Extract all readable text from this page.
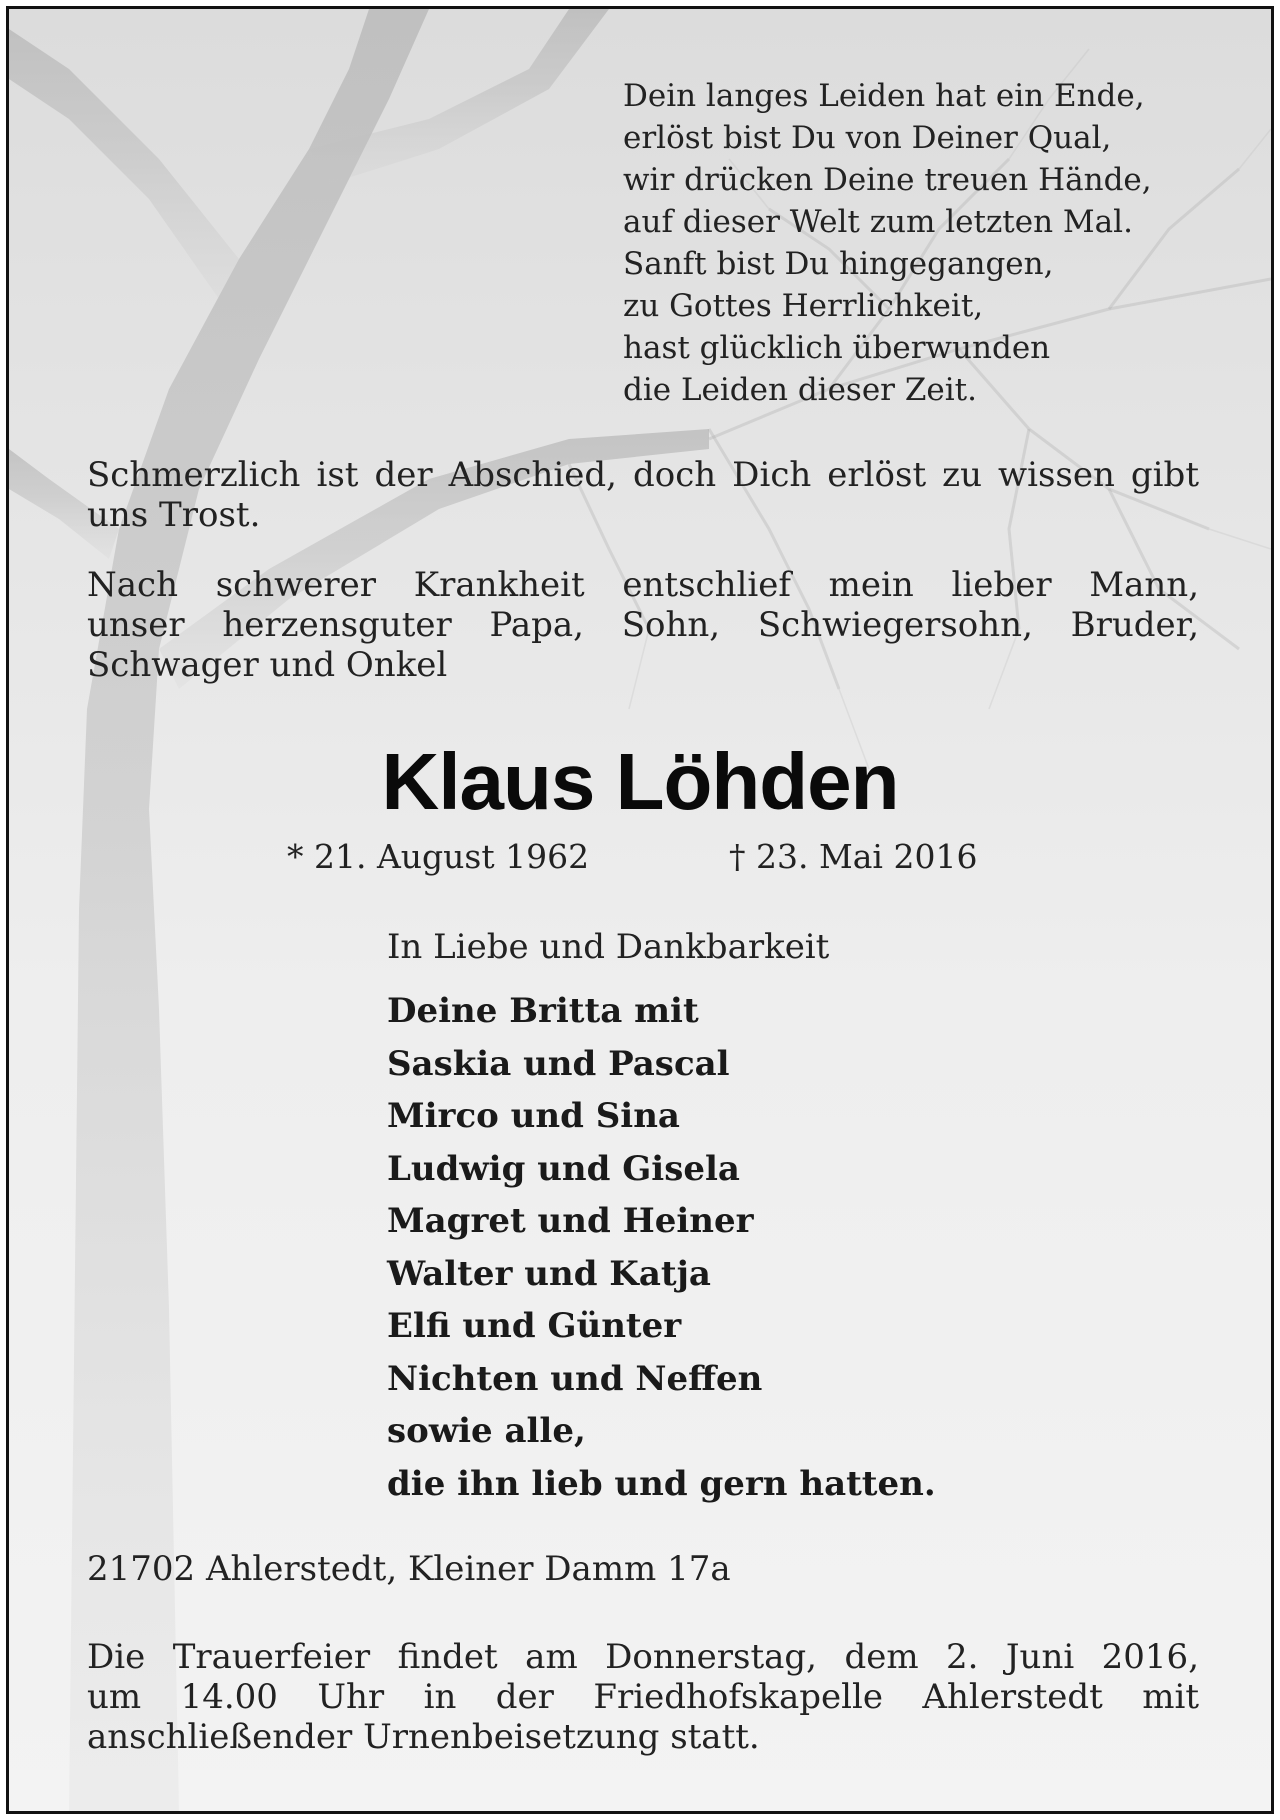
Dein langes Leiden hat ein Ende,
erlöst bist Du von Deiner Qual,
wir drücken Deine treuen Hände,
auf dieser Welt zum letzten Mal.
Sanft bist Du hingegangen,
zu Gottes Herrlichkeit,
hast glücklich überwunden
die Leiden dieser Zeit.
Schmerzlich ist der Abschied, doch Dich erlöst zu wissen gibt uns Trost.
Nach schwerer Krankheit entschlief mein lieber Mann,
unser herzensguter Papa, Sohn, Schwiegersohn, Bruder,
Schwager und Onkel
Klaus Löhden
* 21. August 1962	† 23. Mai 2016
In Liebe und Dankbarkeit
Deine Britta mit
Saskia und Pascal
Mirco und Sina
Ludwig und Gisela
Magret und Heiner
Walter und Katja
Elfi und Günter
Nichten und Neffen
sowie alle,
die ihn lieb und gern hatten.
21702 Ahlerstedt, Kleiner Damm 17a
Die Trauerfeier findet am Donnerstag, dem 2. Juni 2016,
um 14.00 Uhr in der Friedhofskapelle Ahlerstedt mit
anschließender Urnenbeisetzung statt.
